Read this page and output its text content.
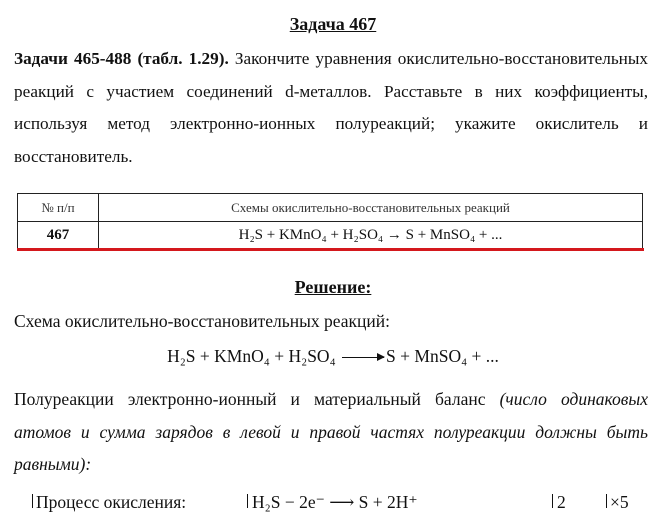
Задача 467
Задачи 465-488 (табл. 1.29). Закончите уравнения окислительно-восстановительных реакций с участием соединений d-металлов. Расставьте в них коэффициенты, используя метод электронно-ионных полуреакций; укажите окислитель и восстановитель.
№ п/п	Схемы окислительно-восстановительных реакций
467	H₂S + KMnO₄ + H₂SO₄ → S + MnSO₄ + ...
Решение:
Схема окислительно-восстановительных реакций:
H₂S + KMnO₄ + H₂SO₄	S + MnSO₄ + ...
Полуреакции электронно-ионный и материальный баланс (число одинаковых атомов и сумма зарядов в левой и правой частях полуреакции должны быть равными):
Процесс окисления:	H₂S − 2e⁻ ⟶ S + 2H⁺	2	×5
